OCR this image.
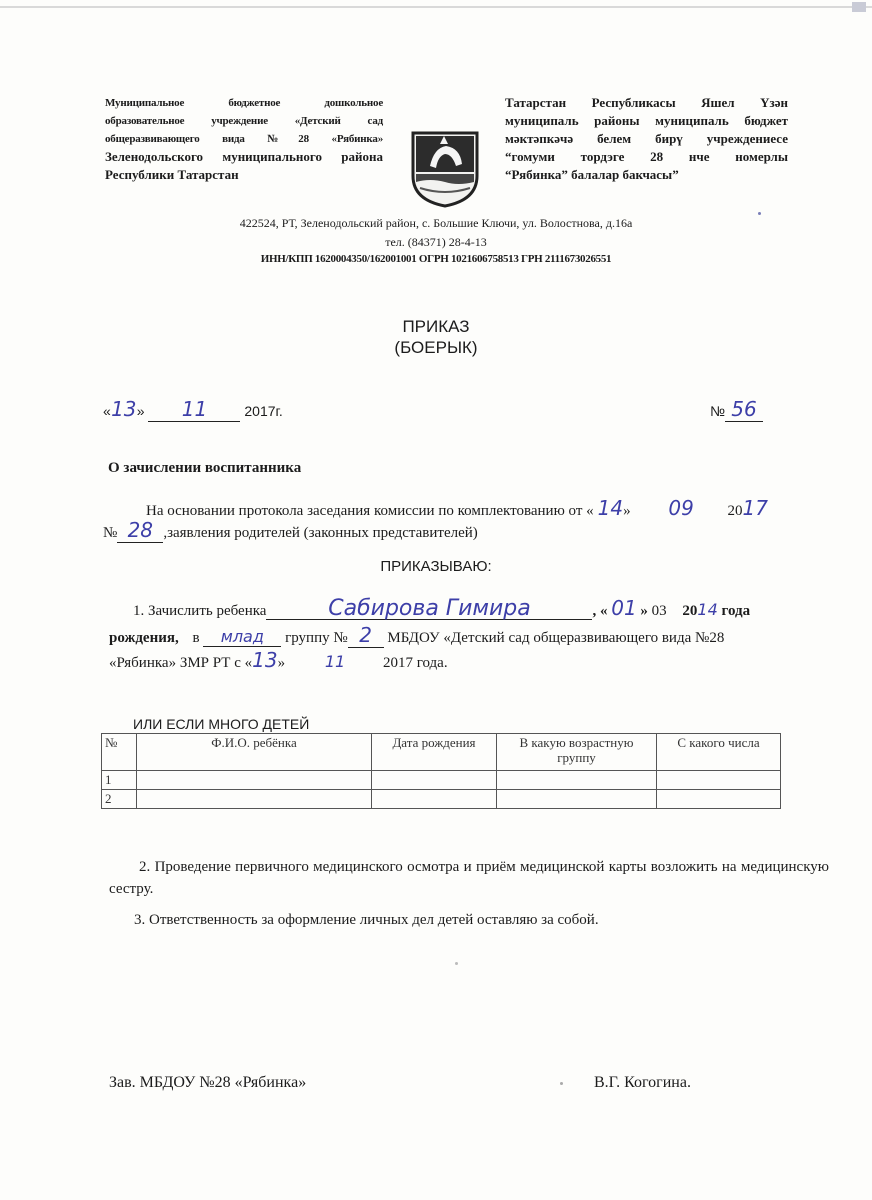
Муниципальное бюджетное дошкольное
образовательное учреждение «Детский сад
общеразвивающего вида №28 «Рябинка»
Зеленодольского муниципального района
Республики Татарстан
Татарстан Республикасы Яшел Үзән
муниципаль районы муниципаль бюджет
мәктәпкәчә белем бирү учреждениесе
“гомуми тордэге 28 нче номерлы
“Рябинка” балалар бакчасы”
422524, РТ, Зеленодольский район, с. Большие Ключи, ул. Волостнова, д.16а
тел. (84371) 28-4-13
ИНН/КПП 1620004350/162001001 ОГРН 1021606758513 ГРН 2111673026551
ПРИКАЗ
(БОЕРЫК)
«13» 11	2017г.	№ 56
О зачислении воспитанника
На основании протокола заседания комиссии по комплектованию от « 14» 09 2017
№ 28 ,заявления родителей (законных представителей)
ПРИКАЗЫВАЮ:
1. Зачислить ребенка	Сабирова Гимира	, « 01 » 03 2014 года
рождения, в млад группу № 2 МБДОУ «Детский сад общеразвивающего вида №28
«Рябинка» ЗМР РТ с «13» 11	2017 года.
ИЛИ ЕСЛИ МНОГО ДЕТЕЙ
№	Ф.И.О. ребёнка	Дата рождения	В какую возрастную группу	С какого числа
1				
2				
2. Проведение первичного медицинского осмотра и приём медицинской карты возложить на медицинскую сестру.
3. Ответственность за оформление личных дел детей оставляю за собой.
Зав. МБДОУ №28 «Рябинка»	В.Г. Когогина.
